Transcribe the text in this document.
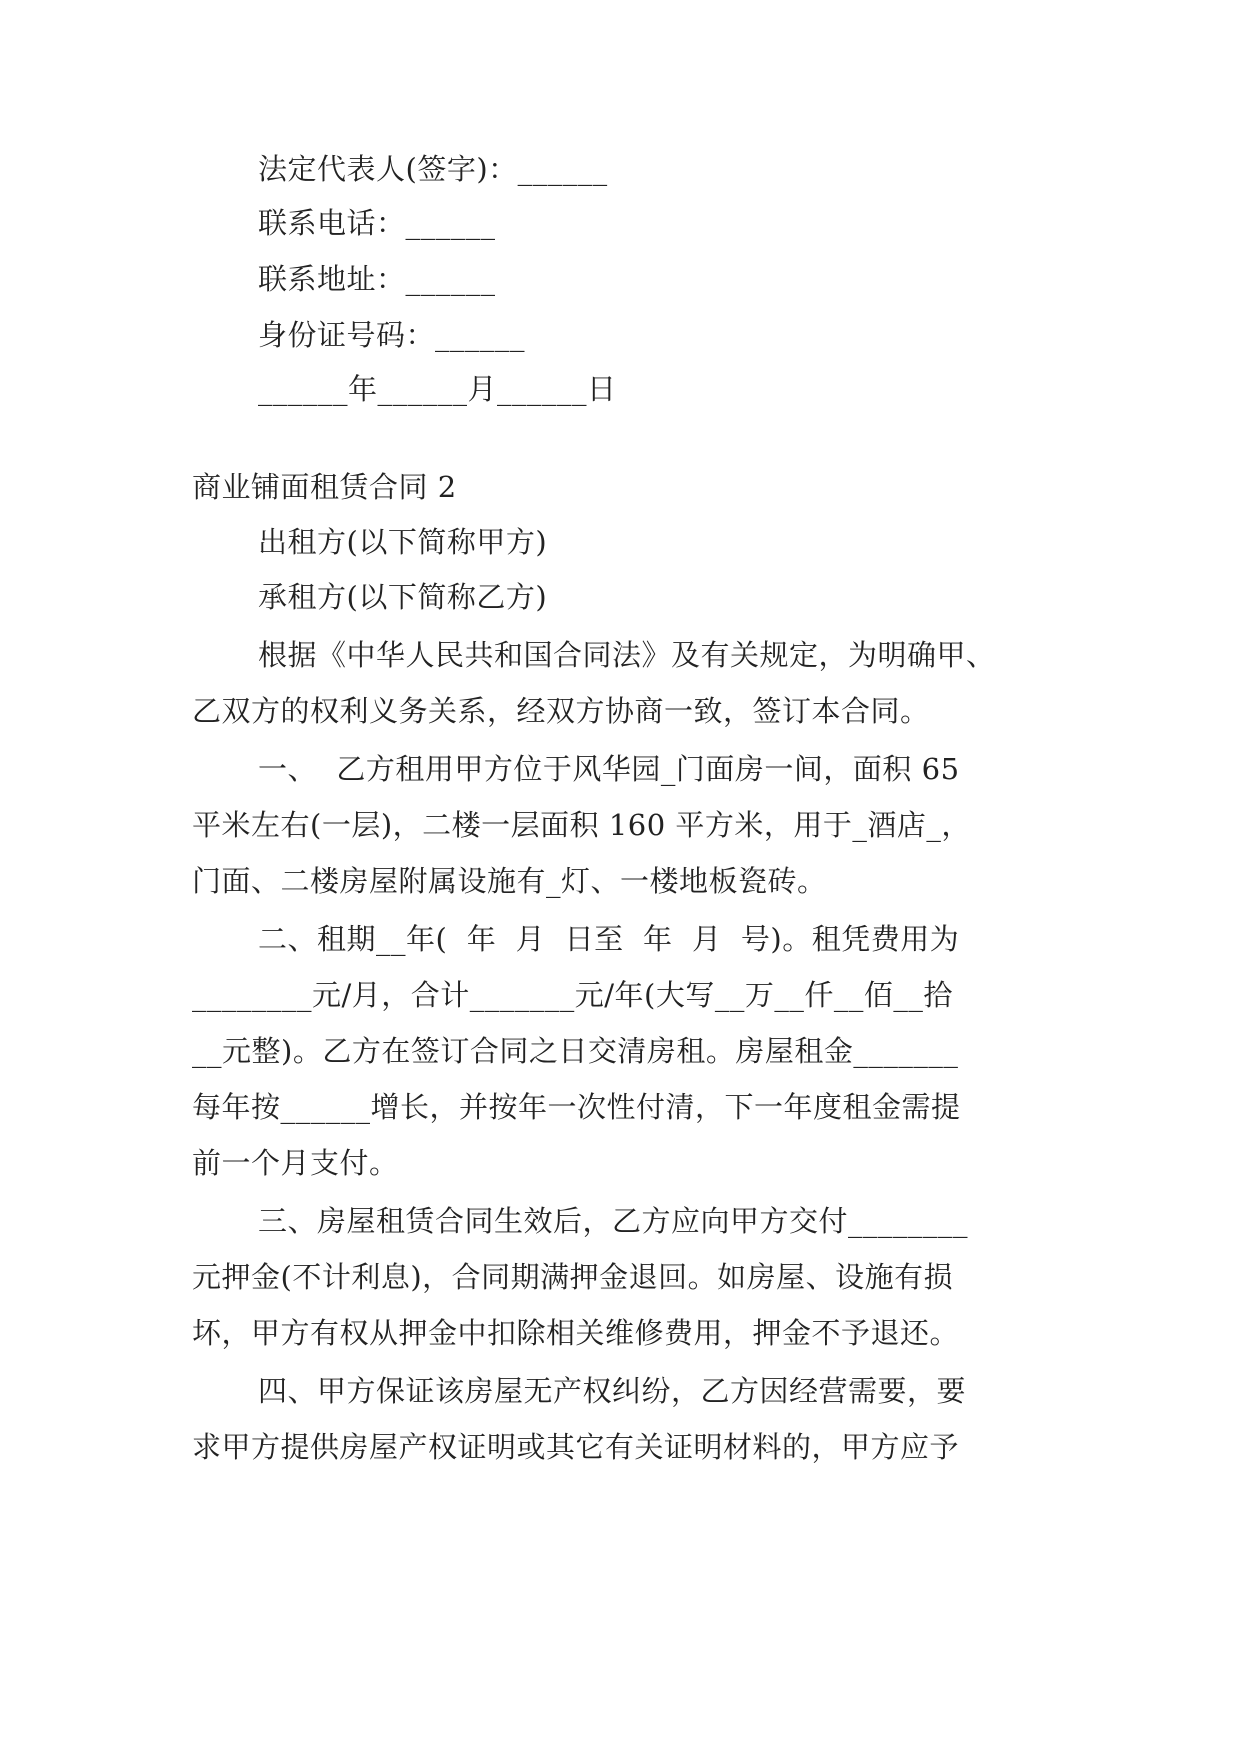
法定代表人(签字)：______
联系电话：______
联系地址：______
身份证号码：______
______年______月______日
商业铺面租赁合同 2
出租方(以下简称甲方)
承租方(以下简称乙方)
根据《中华人民共和国合同法》及有关规定，为明确甲、
乙双方的权利义务关系，经双方协商一致，签订本合同。
一、  乙方租用甲方位于风华园_门面房一间，面积 65
平米左右(一层)，二楼一层面积 160 平方米，用于_酒店_，
门面、二楼房屋附属设施有_灯、一楼地板瓷砖。
二、租期__年(  年  月  日至  年  月  号)。租凭费用为
________元/月，合计_______元/年(大写__万__仟__佰__拾
__元整)。乙方在签订合同之日交清房租。房屋租金_______
每年按______增长，并按年一次性付清，下一年度租金需提
前一个月支付。
三、房屋租赁合同生效后，乙方应向甲方交付________
元押金(不计利息)，合同期满押金退回。如房屋、设施有损
坏，甲方有权从押金中扣除相关维修费用，押金不予退还。
四、甲方保证该房屋无产权纠纷，乙方因经营需要，要
求甲方提供房屋产权证明或其它有关证明材料的，甲方应予
